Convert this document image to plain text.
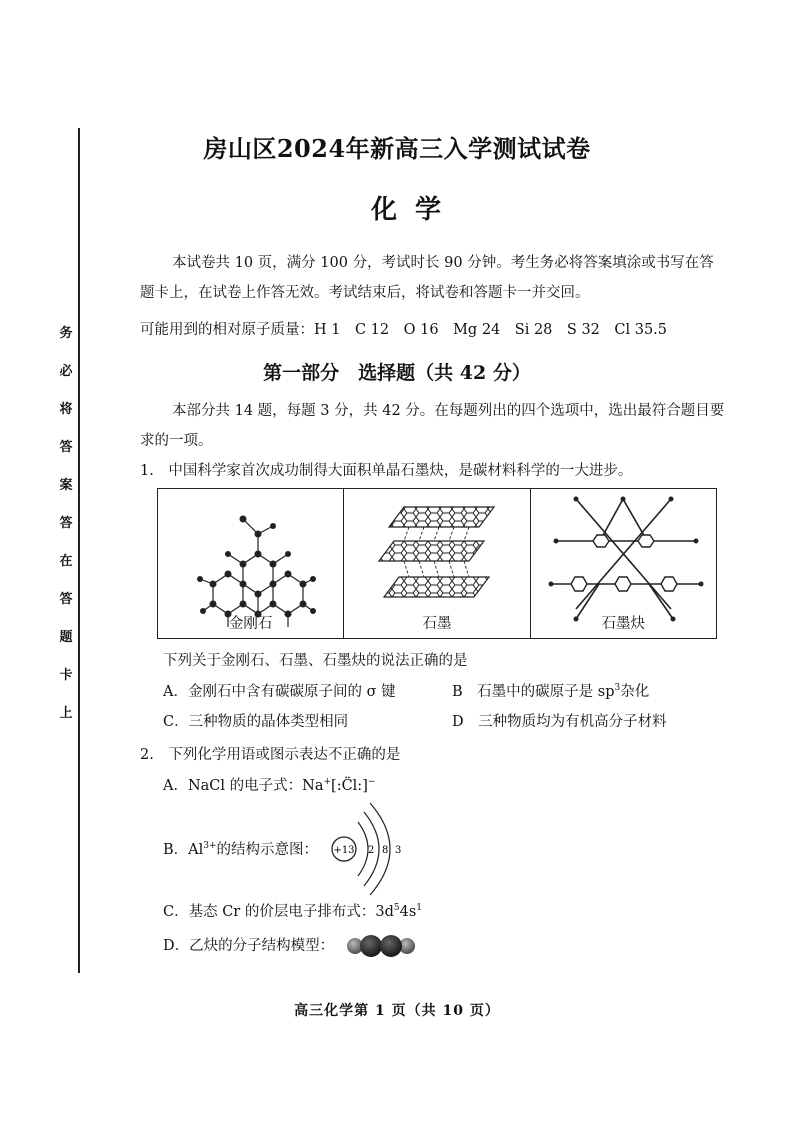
务
必
将
答
案
答
在
答
题
卡
上
房山区2024年新高三入学测试试卷
化学
本试卷共 10 页，满分 100 分，考试时长 90 分钟。考生务必将答案填涂或书写在答
题卡上，在试卷上作答无效。考试结束后，将试卷和答题卡一并交回。
可能用到的相对原子质量：H 1　C 12　O 16　Mg 24　Si 28　S 32　Cl 35.5
第一部分　选择题（共 42 分）
本部分共 14 题，每题 3 分，共 42 分。在每题列出的四个选项中，选出最符合题目要
求的一项。
1.　中国科学家首次成功制得大面积单晶石墨炔，是碳材料科学的一大进步。
金刚石	石墨	石墨炔
下列关于金刚石、石墨、石墨炔的说法正确的是
A．金刚石中含有碳碳原子间的 σ 键	B　石墨中的碳原子是 $sp^3$杂化
C．三种物质的晶体类型相同	D　三种物质均为有机高分子材料
2.　下列化学用语或图示表达不正确的是
A．NaCl 的电子式：Na+[:C̈l:]−
B．$Al^{3+}$的结构示意图： +13 2 8 3
C．基态 Cr 的价层电子排布式：$3d^54s^1$
D．乙炔的分子结构模型：
高三化学第 1 页（共 10 页）
